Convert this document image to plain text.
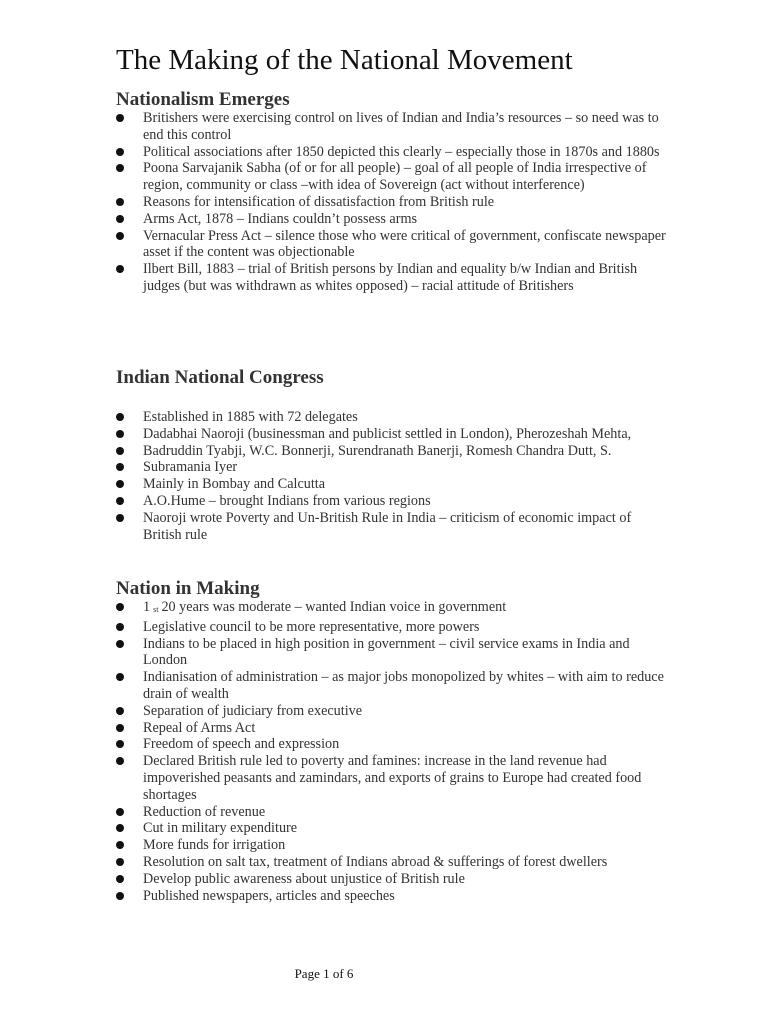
The Making of the National Movement
Nationalism Emerges
Britishers were exercising control on lives of Indian and India’s resources – so need was to end this control
Political associations after 1850 depicted this clearly – especially those in 1870s and 1880s
Poona Sarvajanik Sabha (of or for all people) – goal of all people of India irrespective of region, community or class –with idea of Sovereign (act without interference)
Reasons for intensification of dissatisfaction from British rule
Arms Act, 1878 – Indians couldn’t possess arms
Vernacular Press Act – silence those who were critical of government, confiscate newspaper asset if the content was objectionable
Ilbert Bill, 1883 – trial of British persons by Indian and equality b/w Indian and British judges (but was withdrawn as whites opposed) – racial attitude of Britishers
Indian National Congress
Established in 1885 with 72 delegates
Dadabhai Naoroji (businessman and publicist settled in London), Pherozeshah Mehta,
Badruddin Tyabji, W.C. Bonnerji, Surendranath Banerji, Romesh Chandra Dutt, S.
Subramania Iyer
Mainly in Bombay and Calcutta
A.O.Hume – brought Indians from various regions
Naoroji wrote Poverty and Un-British Rule in India – criticism of economic impact of British rule
Nation in Making
1 st 20 years was moderate – wanted Indian voice in government
Legislative council to be more representative, more powers
Indians to be placed in high position in government – civil service exams in India and London
Indianisation of administration – as major jobs monopolized by whites – with aim to reduce drain of wealth
Separation of judiciary from executive
Repeal of Arms Act
Freedom of speech and expression
Declared British rule led to poverty and famines: increase in the land revenue had impoverished peasants and zamindars, and exports of grains to Europe had created food shortages
Reduction of revenue
Cut in military expenditure
More funds for irrigation
Resolution on salt tax, treatment of Indians abroad & sufferings of forest dwellers
Develop public awareness about unjustice of British rule
Published newspapers, articles and speeches
Page 1 of 6
